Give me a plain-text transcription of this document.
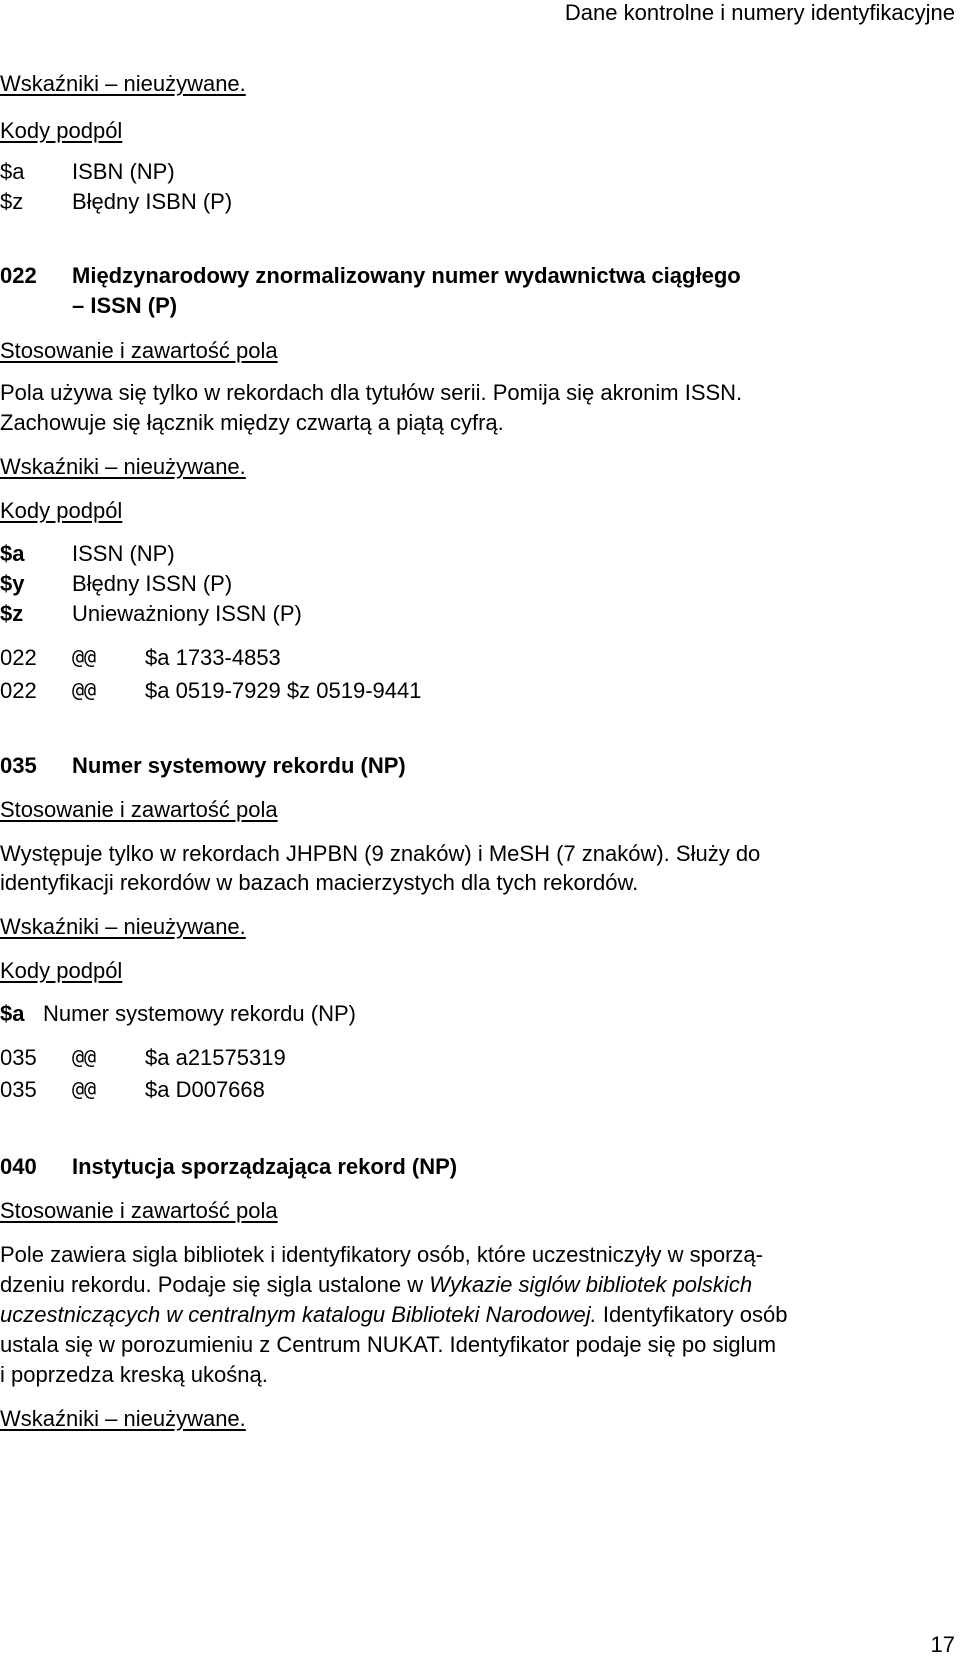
Dane kontrolne i numery identyfikacyjne
Wskaźniki – nieużywane.
Kody podpól
$a ISBN (NP)
$z Błędny ISBN (P)
022 Międzynarodowy znormalizowany numer wydawnictwa ciągłego
– ISSN (P)
Stosowanie i zawartość pola
Pola używa się tylko w rekordach dla tytułów serii. Pomija się akronim ISSN.
Zachowuje się łącznik między czwartą a piątą cyfrą.
Wskaźniki – nieużywane.
Kody podpól
$a ISSN (NP)
$y Błędny ISSN (P)
$z Unieważniony ISSN (P)
022 @@ $a 1733-4853
022 @@ $a 0519-7929 $z 0519-9441
035 Numer systemowy rekordu (NP)
Stosowanie i zawartość pola
Występuje tylko w rekordach JHPBN (9 znaków) i MeSH (7 znaków). Służy do
identyfikacji rekordów w bazach macierzystych dla tych rekordów.
Wskaźniki – nieużywane.
Kody podpól
$a Numer systemowy rekordu (NP)
035 @@ $a a21575319
035 @@ $a D007668
040 Instytucja sporządzająca rekord (NP)
Stosowanie i zawartość pola
Pole zawiera sigla bibliotek i identyfikatory osób, które uczestniczyły w sporzą-
dzeniu rekordu. Podaje się sigla ustalone w Wykazie siglów bibliotek polskich
uczestniczących w centralnym katalogu Biblioteki Narodowej. Identyfikatory osób
ustala się w porozumieniu z Centrum NUKAT. Identyfikator podaje się po siglum
i poprzedza kreską ukośną.
Wskaźniki – nieużywane.
17
